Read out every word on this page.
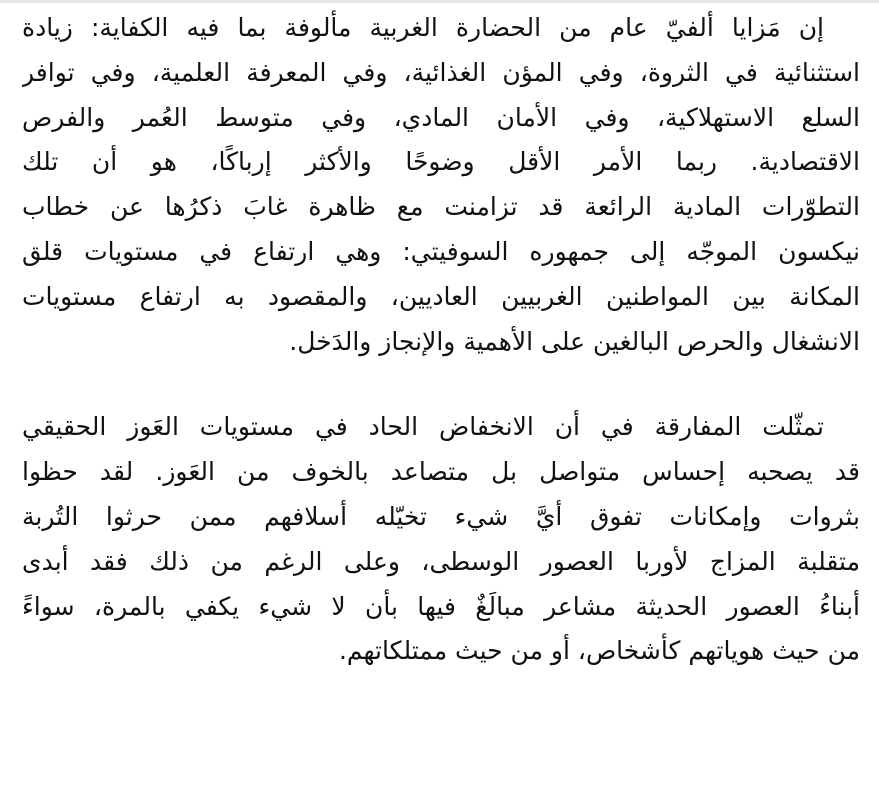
إن مَزايا ألفيّ عام من الحضارة الغربية مألوفة بما فيه الكفاية: زيادة
استثنائية في الثروة، وفي المؤن الغذائية، وفي المعرفة العلمية، وفي توافر
السلع الاستهلاكية، وفي الأمان المادي، وفي متوسط العُمر والفرص
الاقتصادية. ربما الأمر الأقل وضوحًا والأكثر إرباكًا، هو أن تلك
التطوّرات المادية الرائعة قد تزامنت مع ظاهرة غابَ ذكرُها عن خطاب
نيكسون الموجّه إلى جمهوره السوفيتي: وهي ارتفاع في مستويات قلق
المكانة بين المواطنين الغربيين العاديين، والمقصود به ارتفاع مستويات
الانشغال والحرص البالغين على الأهمية والإنجاز والدَخل.
تمثّلت المفارقة في أن الانخفاض الحاد في مستويات العَوز الحقيقي
قد يصحبه إحساس متواصل بل متصاعد بالخوف من العَوز. لقد حظوا
بثروات وإمكانات تفوق أيَّ شيء تخيّله أسلافهم ممن حرثوا التُربة
متقلبة المزاج لأوربا العصور الوسطى، وعلى الرغم من ذلك فقد أبدى
أبناءُ العصور الحديثة مشاعر مبالَغٌ فيها بأن لا شيء يكفي بالمرة، سواءً
من حيث هوياتهم كأشخاص، أو من حيث ممتلكاتهم.
